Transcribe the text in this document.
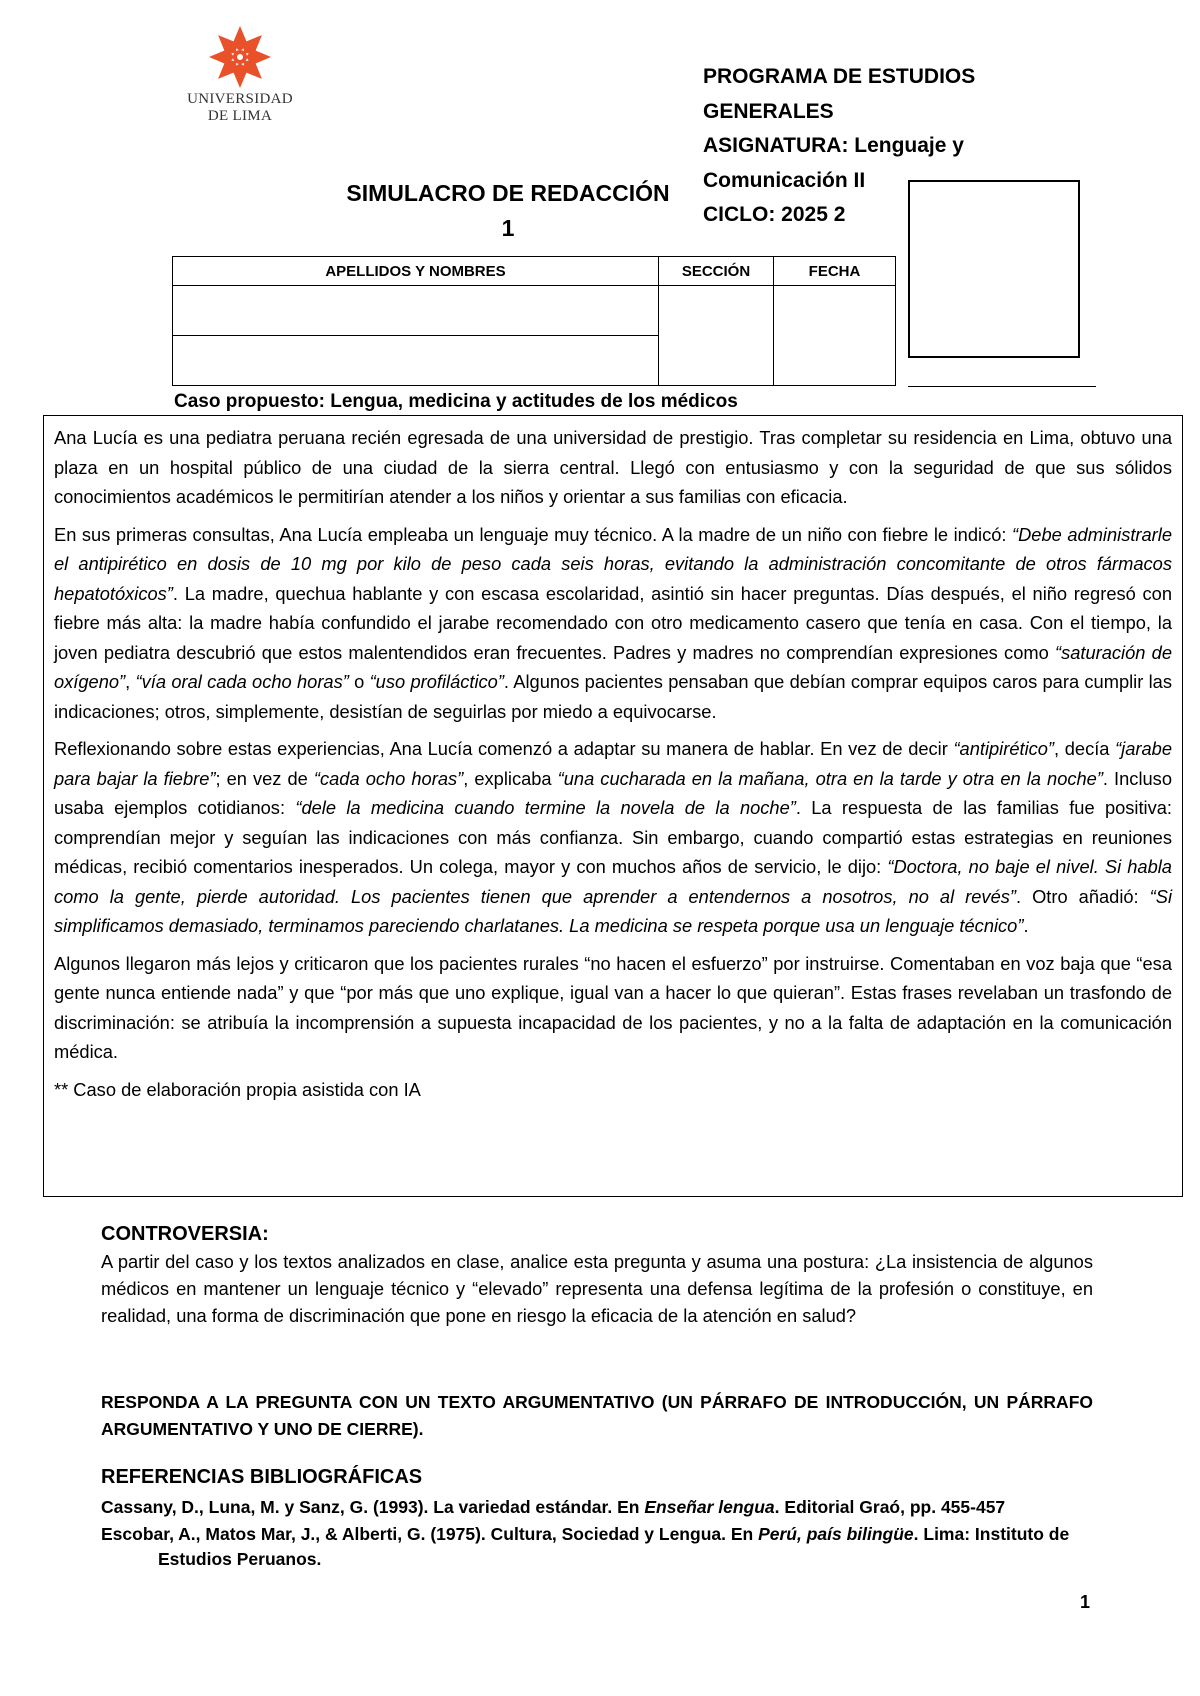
UNIVERSIDAD
DE LIMA
PROGRAMA DE ESTUDIOS
GENERALES
ASIGNATURA: Lenguaje y
Comunicación II
CICLO: 2025 2
SIMULACRO DE REDACCIÓN
1
APELLIDOS Y NOMBRES	SECCIÓN	FECHA

Caso propuesto: Lengua, medicina y actitudes de los médicos

Ana Lucía es una pediatra peruana recién egresada de una universidad de prestigio. Tras completar su residencia en Lima, obtuvo una plaza en un hospital público de una ciudad de la sierra central. Llegó con entusiasmo y con la seguridad de que sus sólidos conocimientos académicos le permitirían atender a los niños y orientar a sus familias con eficacia.

En sus primeras consultas, Ana Lucía empleaba un lenguaje muy técnico. A la madre de un niño con fiebre le indicó: “Debe administrarle el antipirético en dosis de 10 mg por kilo de peso cada seis horas, evitando la administración concomitante de otros fármacos hepatotóxicos”. La madre, quechua hablante y con escasa escolaridad, asintió sin hacer preguntas. Días después, el niño regresó con fiebre más alta: la madre había confundido el jarabe recomendado con otro medicamento casero que tenía en casa. Con el tiempo, la joven pediatra descubrió que estos malentendidos eran frecuentes. Padres y madres no comprendían expresiones como “saturación de oxígeno”, “vía oral cada ocho horas” o “uso profiláctico”. Algunos pacientes pensaban que debían comprar equipos caros para cumplir las indicaciones; otros, simplemente, desistían de seguirlas por miedo a equivocarse.

Reflexionando sobre estas experiencias, Ana Lucía comenzó a adaptar su manera de hablar. En vez de decir “antipirético”, decía “jarabe para bajar la fiebre”; en vez de “cada ocho horas”, explicaba “una cucharada en la mañana, otra en la tarde y otra en la noche”. Incluso usaba ejemplos cotidianos: “dele la medicina cuando termine la novela de la noche”. La respuesta de las familias fue positiva: comprendían mejor y seguían las indicaciones con más confianza. Sin embargo, cuando compartió estas estrategias en reuniones médicas, recibió comentarios inesperados. Un colega, mayor y con muchos años de servicio, le dijo: “Doctora, no baje el nivel. Si habla como la gente, pierde autoridad. Los pacientes tienen que aprender a entendernos a nosotros, no al revés”. Otro añadió: “Si simplificamos demasiado, terminamos pareciendo charlatanes. La medicina se respeta porque usa un lenguaje técnico”.

Algunos llegaron más lejos y criticaron que los pacientes rurales “no hacen el esfuerzo” por instruirse. Comentaban en voz baja que “esa gente nunca entiende nada” y que “por más que uno explique, igual van a hacer lo que quieran”. Estas frases revelaban un trasfondo de discriminación: se atribuía la incomprensión a supuesta incapacidad de los pacientes, y no a la falta de adaptación en la comunicación médica.

** Caso de elaboración propia asistida con IA

CONTROVERSIA:
A partir del caso y los textos analizados en clase, analice esta pregunta y asuma una postura: ¿La insistencia de algunos médicos en mantener un lenguaje técnico y “elevado” representa una defensa legítima de la profesión o constituye, en realidad, una forma de discriminación que pone en riesgo la eficacia de la atención en salud?
RESPONDA A LA PREGUNTA CON UN TEXTO ARGUMENTATIVO (UN PÁRRAFO DE INTRODUCCIÓN, UN PÁRRAFO ARGUMENTATIVO Y UNO DE CIERRE).
REFERENCIAS BIBLIOGRÁFICAS
Cassany, D., Luna, M. y Sanz, G. (1993). La variedad estándar. En Enseñar lengua. Editorial Graó, pp. 455-457
Escobar, A., Matos Mar, J., & Alberti, G. (1975). Cultura, Sociedad y Lengua. En Perú, país bilingüe. Lima: Instituto de
Estudios Peruanos.
1
